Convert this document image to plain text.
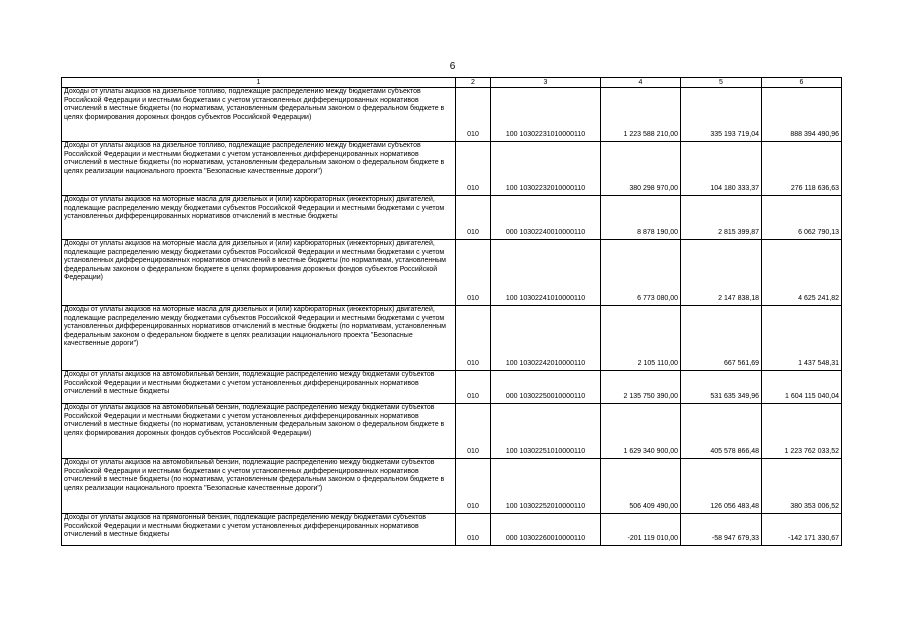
6
1	2	3	4	5	6
Доходы от уплаты акцизов на дизельное топливо, подлежащие распределению между бюджетами субъектов Российской Федерации и местными бюджетами с учетом установленных дифференцированных нормативов отчислений в местные бюджеты (по нормативам, установленным федеральным законом о федеральном бюджете в целях формирования дорожных фондов субъектов Российской Федерации)	010	100 10302231010000110	1 223 588 210,00	335 193 719,04	888 394 490,96
Доходы от уплаты акцизов на дизельное топливо, подлежащие распределению между бюджетами субъектов Российской Федерации и местными бюджетами с учетом установленных дифференцированных нормативов отчислений в местные бюджеты (по нормативам, установленным федеральным законом о федеральном бюджете в целях реализации национального проекта "Безопасные качественные дороги")	010	100 10302232010000110	380 298 970,00	104 180 333,37	276 118 636,63
Доходы от уплаты акцизов на моторные масла для дизельных и (или) карбюраторных (инжекторных) двигателей, подлежащие распределению между бюджетами субъектов Российской Федерации и местными бюджетами с учетом установленных дифференцированных нормативов отчислений в местные бюджеты	010	000 10302240010000110	8 878 190,00	2 815 399,87	6 062 790,13
Доходы от уплаты акцизов на моторные масла для дизельных и (или) карбюраторных (инжекторных) двигателей, подлежащие распределению между бюджетами субъектов Российской Федерации и местными бюджетами с учетом установленных дифференцированных нормативов отчислений в местные бюджеты (по нормативам, установленным федеральным законом о федеральном бюджете в целях формирования дорожных фондов субъектов Российской Федерации)	010	100 10302241010000110	6 773 080,00	2 147 838,18	4 625 241,82
Доходы от уплаты акцизов на моторные масла для дизельных и (или) карбюраторных (инжекторных) двигателей, подлежащие распределению между бюджетами субъектов Российской Федерации и местными бюджетами с учетом установленных дифференцированных нормативов отчислений в местные бюджеты (по нормативам, установленным федеральным законом о федеральном бюджете в целях реализации национального проекта "Безопасные качественные дороги")	010	100 10302242010000110	2 105 110,00	667 561,69	1 437 548,31
Доходы от уплаты акцизов на автомобильный бензин, подлежащие распределению между бюджетами субъектов Российской Федерации и местными бюджетами с учетом установленных дифференцированных нормативов отчислений в местные бюджеты	010	000 10302250010000110	2 135 750 390,00	531 635 349,96	1 604 115 040,04
Доходы от уплаты акцизов на автомобильный бензин, подлежащие распределению между бюджетами субъектов Российской Федерации и местными бюджетами с учетом установленных дифференцированных нормативов отчислений в местные бюджеты (по нормативам, установленным федеральным законом о федеральном бюджете в целях формирования дорожных фондов субъектов Российской Федерации)	010	100 10302251010000110	1 629 340 900,00	405 578 866,48	1 223 762 033,52
Доходы от уплаты акцизов на автомобильный бензин, подлежащие распределению между бюджетами субъектов Российской Федерации и местными бюджетами с учетом установленных дифференцированных нормативов отчислений в местные бюджеты (по нормативам, установленным федеральным законом о федеральном бюджете в целях реализации национального проекта "Безопасные качественные дороги")	010	100 10302252010000110	506 409 490,00	126 056 483,48	380 353 006,52
Доходы от уплаты акцизов на прямогонный бензин, подлежащие распределению между бюджетами субъектов Российской Федерации и местными бюджетами с учетом установленных дифференцированных нормативов отчислений в местные бюджеты	010	000 10302260010000110	-201 119 010,00	-58 947 679,33	-142 171 330,67
